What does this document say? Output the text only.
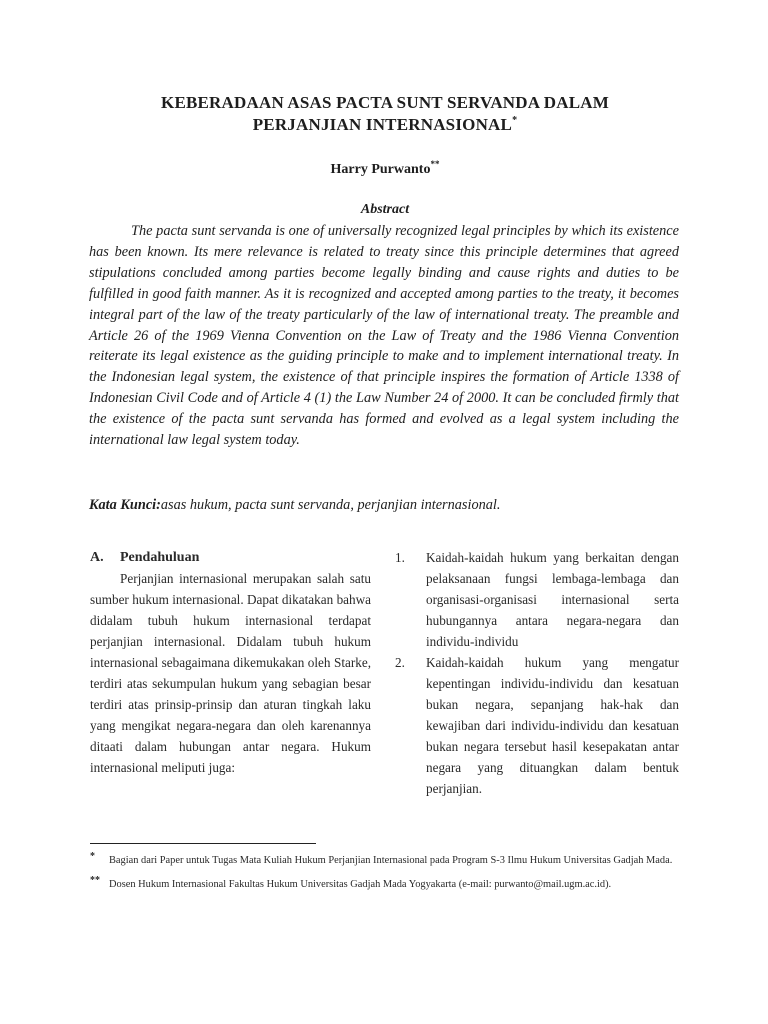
KEBERADAAN ASAS PACTA SUNT SERVANDA DALAM
PERJANJIAN INTERNASIONAL*
Harry Purwanto**
Abstract

The pacta sunt servanda is one of universally recognized legal principles by which its existence has been known. Its mere relevance is related to treaty since this principle determines that agreed stipulations concluded among parties become legally binding and cause rights and duties to be fulfilled in good faith manner. As it is recognized and accepted among parties to the treaty, it becomes integral part of the law of the treaty particularly of the law of international treaty. The preamble and Article 26 of the 1969 Vienna Convention on the Law of Treaty and the 1986 Vienna Convention reiterate its legal existence as the guiding principle to make and to implement international treaty. In the Indonesian legal system, the existence of that principle inspires the formation of Article 1338 of Indonesian Civil Code and of Article 4 (1) the Law Number 24 of 2000. It can be concluded firmly that the existence of the pacta sunt servanda has formed and evolved as a legal system including the international law legal system today.

Kata Kunci:asas hukum, pacta sunt servanda, perjanjian internasional.

A. Pendahuluan

Perjanjian internasional merupakan salah satu sumber hukum internasional. Dapat dikatakan bahwa didalam tubuh hukum internasional terdapat perjanjian internasional. Didalam tubuh hukum internasional sebagaimana dikemukakan oleh Starke, terdiri atas sekumpulan hukum yang sebagian besar terdiri atas prinsip-prinsip dan aturan tingkah laku yang mengikat negara-negara dan oleh karenannya ditaati dalam hubungan antar negara. Hukum internasional meliputi juga:

1. Kaidah-kaidah hukum yang berkaitan dengan pelaksanaan fungsi lembaga-lembaga dan organisasi-organisasi internasional serta hubungannya antara negara-negara dan individu-individu
2. Kaidah-kaidah hukum yang mengatur kepentingan individu-individu dan kesatuan bukan negara, sepanjang hak-hak dan kewajiban dari individu-individu dan kesatuan bukan negara tersebut hasil kesepakatan antar negara yang dituangkan dalam bentuk perjanjian.
* Bagian dari Paper untuk Tugas Mata Kuliah Hukum Perjanjian Internasional pada Program S-3 Ilmu Hukum Universitas Gadjah Mada.
** Dosen Hukum Internasional Fakultas Hukum Universitas Gadjah Mada Yogyakarta (e-mail: purwanto@mail.ugm.ac.id).
